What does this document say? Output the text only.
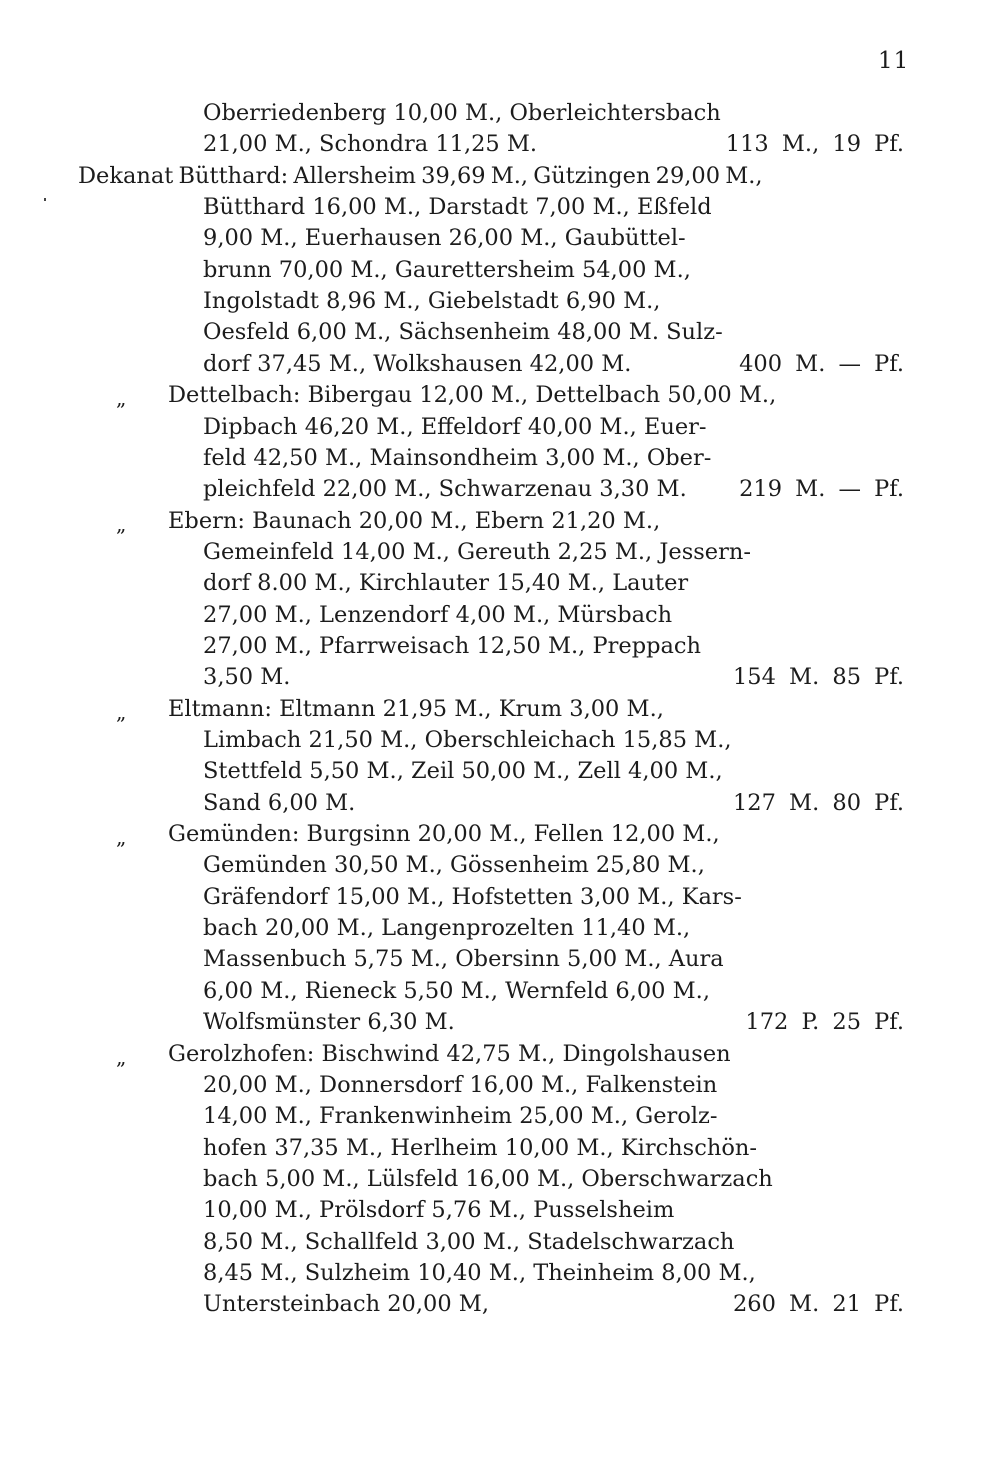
11
Oberriedenberg 10,00 M., Oberleichtersbach
21,00 M., Schondra 11,25 M.	113 M., 19 Pf.
Dekanat Bütthard: Allersheim 39,69 M., Gützingen 29,00 M.,
Bütthard 16,00 M., Darstadt 7,00 M., Eßfeld
9,00 M., Euerhausen 26,00 M., Gaubüttel-
brunn 70,00 M., Gaurettersheim 54,00 M.,
Ingolstadt 8,96 M., Giebelstadt 6,90 M.,
Oesfeld 6,00 M., Sächsenheim 48,00 M. Sulz-
dorf 37,45 M., Wolkshausen 42,00 M.	400 M. — Pf.
„ Dettelbach: Bibergau 12,00 M., Dettelbach 50,00 M.,
Dipbach 46,20 M., Effeldorf 40,00 M., Euer-
feld 42,50 M., Mainsondheim 3,00 M., Ober-
pleichfeld 22,00 M., Schwarzenau 3,30 M. 219 M. — Pf.
„ Ebern: Baunach 20,00 M., Ebern 21,20 M.,
Gemeinfeld 14,00 M., Gereuth 2,25 M., Jessern-
dorf 8.00 M., Kirchlauter 15,40 M., Lauter
27,00 M., Lenzendorf 4,00 M., Mürsbach
27,00 M., Pfarrweisach 12,50 M., Preppach
3,50 M.	154 M. 85 Pf.
„ Eltmann: Eltmann 21,95 M., Krum 3,00 M.,
Limbach 21,50 M., Oberschleichach 15,85 M.,
Stettfeld 5,50 M., Zeil 50,00 M., Zell 4,00 M.,
Sand 6,00 M.	127 M. 80 Pf.
„ Gemünden: Burgsinn 20,00 M., Fellen 12,00 M.,
Gemünden 30,50 M., Gössenheim 25,80 M.,
Gräfendorf 15,00 M., Hofstetten 3,00 M., Kars-
bach 20,00 M., Langenprozelten 11,40 M.,
Massenbuch 5,75 M., Obersinn 5,00 M., Aura
6,00 M., Rieneck 5,50 M., Wernfeld 6,00 M.,
Wolfsmünster 6,30 M.	172 P. 25 Pf.
„ Gerolzhofen: Bischwind 42,75 M., Dingolshausen
20,00 M., Donnersdorf 16,00 M., Falkenstein
14,00 M., Frankenwinheim 25,00 M., Gerolz-
hofen 37,35 M., Herlheim 10,00 M., Kirchschön-
bach 5,00 M., Lülsfeld 16,00 M., Oberschwarzach
10,00 M., Prölsdorf 5,76 M., Pusselsheim
8,50 M., Schallfeld 3,00 M., Stadelschwarzach
8,45 M., Sulzheim 10,40 M., Theinheim 8,00 M.,
Untersteinbach 20,00 M,	260 M. 21 Pf.
